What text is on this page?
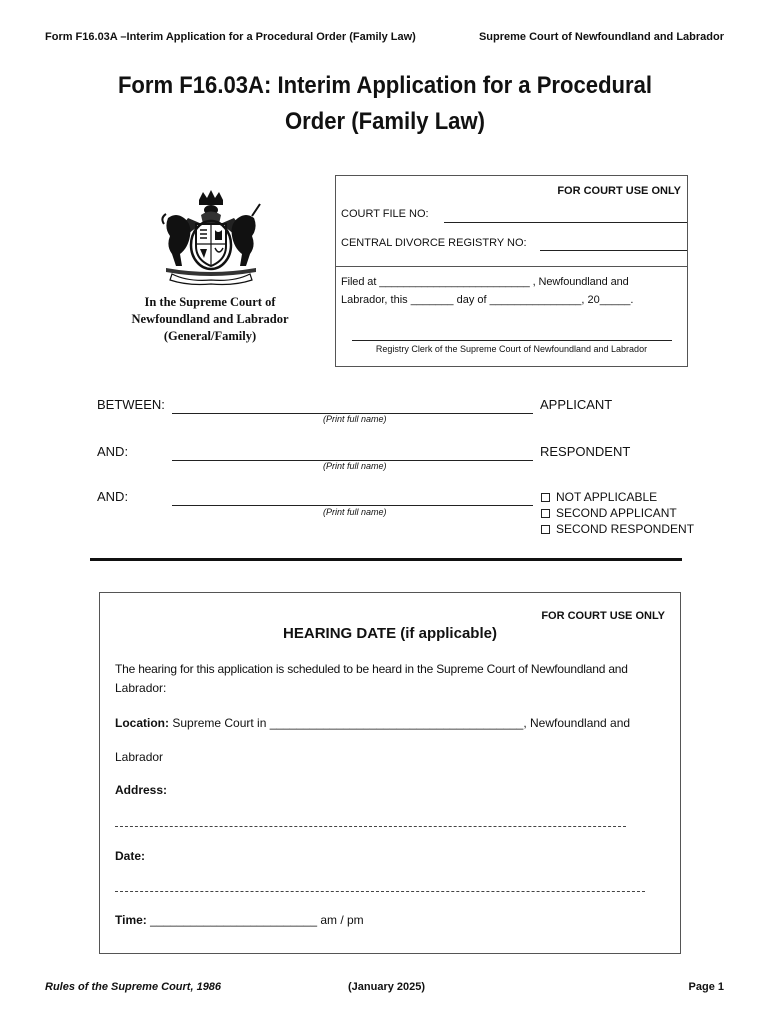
Form F16.03A –Interim Application for a Procedural Order (Family Law)	Supreme Court of Newfoundland and Labrador
Form F16.03A: Interim Application for a Procedural
Order (Family Law)
In the Supreme Court of
Newfoundland and Labrador
(General/Family)
FOR COURT USE ONLY
COURT FILE NO:
CENTRAL DIVORCE REGISTRY NO:
Filed at _________________________ , Newfoundland and
Labrador, this _______ day of _______________, 20_____.
Registry Clerk of the Supreme Court of Newfoundland and Labrador
BETWEEN:
(Print full name)
APPLICANT
AND:
(Print full name)
RESPONDENT
AND:
(Print full name)
NOT APPLICABLE
SECOND APPLICANT
SECOND RESPONDENT
FOR COURT USE ONLY
HEARING DATE (if applicable)
The hearing for this application is scheduled to be heard in the Supreme Court of Newfoundland and
Labrador:
Location: Supreme Court in ______________________________________, Newfoundland and
Labrador
Address:
Date:
Time: _________________________ am / pm
Rules of the Supreme Court, 1986	(January 2025)	Page 1
